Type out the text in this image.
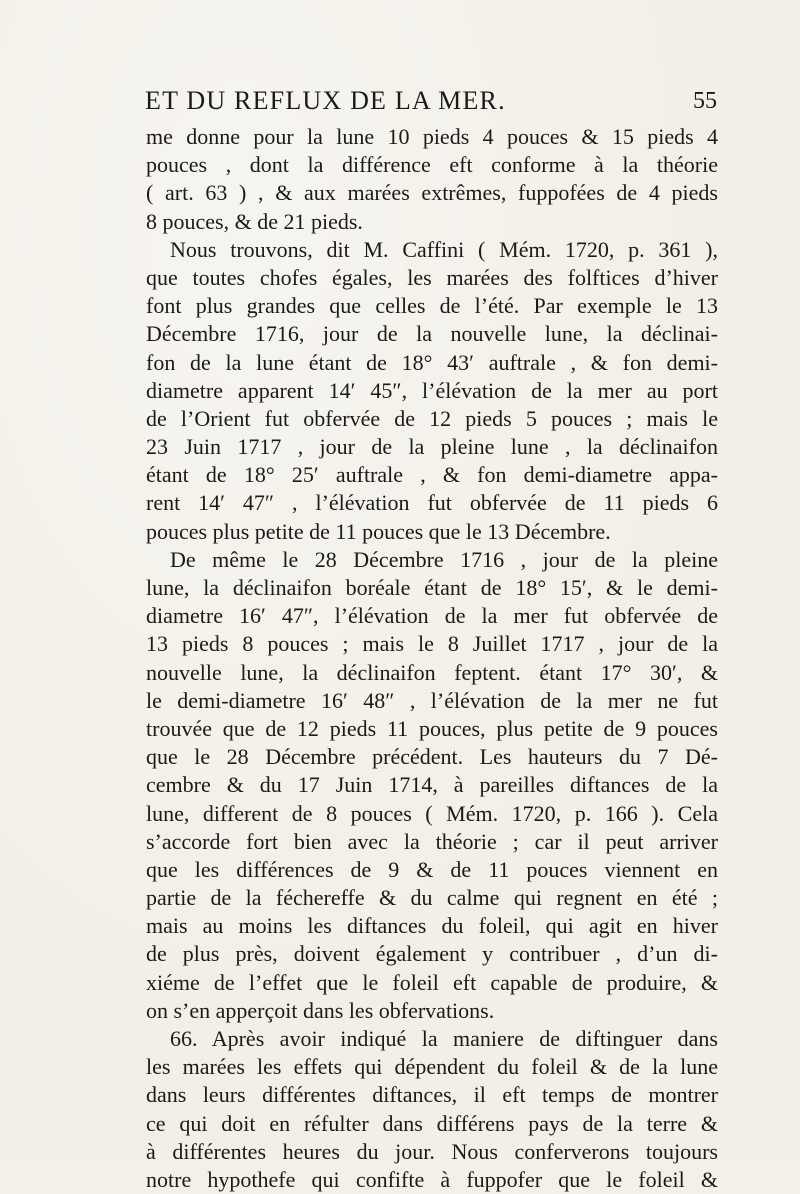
ET DU REFLUX DE LA MER.	55
me donne pour la lune 10 pieds 4 pouces & 15 pieds 4
pouces , dont la différence eft conforme à la théorie
( art. 63 ) , & aux marées extrêmes, fuppofées de 4 pieds
8 pouces, & de 21 pieds.
Nous trouvons, dit M. Caffini ( Mém. 1720, p. 361 ),
que toutes chofes égales, les marées des folftices d’hiver
font plus grandes que celles de l’été. Par exemple le 13
Décembre 1716, jour de la nouvelle lune, la déclinai-
fon de la lune étant de 18° 43′ auftrale , & fon demi-
diametre apparent 14′ 45″, l’élévation de la mer au port
de l’Orient fut obfervée de 12 pieds 5 pouces ; mais le
23 Juin 1717 , jour de la pleine lune , la déclinaifon
étant de 18° 25′ auftrale , & fon demi-diametre appa-
rent 14′ 47″ , l’élévation fut obfervée de 11 pieds 6
pouces plus petite de 11 pouces que le 13 Décembre.
De même le 28 Décembre 1716 , jour de la pleine
lune, la déclinaifon boréale étant de 18° 15′, & le demi-
diametre 16′ 47″, l’élévation de la mer fut obfervée de
13 pieds 8 pouces ; mais le 8 Juillet 1717 , jour de la
nouvelle lune, la déclinaifon feptent. étant 17° 30′, &
le demi-diametre 16′ 48″ , l’élévation de la mer ne fut
trouvée que de 12 pieds 11 pouces, plus petite de 9 pouces
que le 28 Décembre précédent. Les hauteurs du 7 Dé-
cembre & du 17 Juin 1714, à pareilles diftances de la
lune, different de 8 pouces ( Mém. 1720, p. 166 ). Cela
s’accorde fort bien avec la théorie ; car il peut arriver
que les différences de 9 & de 11 pouces viennent en
partie de la féchereffe & du calme qui regnent en été ;
mais au moins les diftances du foleil, qui agit en hiver
de plus près, doivent également y contribuer , d’un di-
xiéme de l’effet que le foleil eft capable de produire, &
on s’en apperçoit dans les obfervations.
66. Après avoir indiqué la maniere de diftinguer dans
les marées les effets qui dépendent du foleil & de la lune
dans leurs différentes diftances, il eft temps de montrer
ce qui doit en réfulter dans différens pays de la terre &
à différentes heures du jour. Nous conferverons toujours
notre hypothefe qui confifte à fuppofer que le foleil &
